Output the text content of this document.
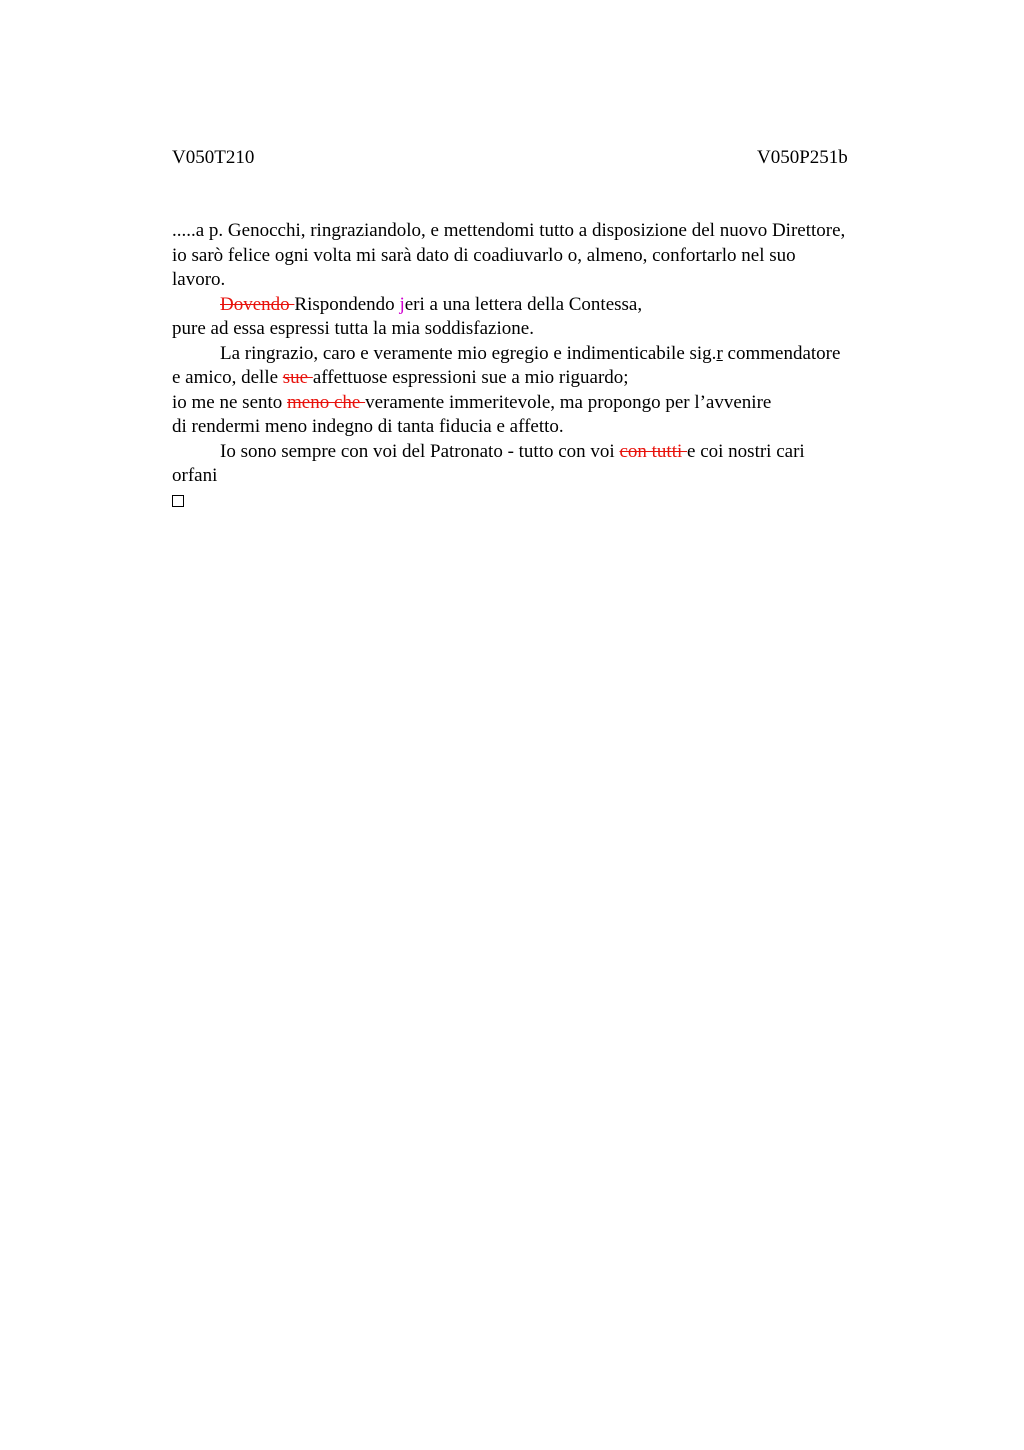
V050T210	V050P251b
.....a p. Genocchi, ringraziandolo, e mettendomi tutto a disposizione del nuovo Direttore,
io sarò felice ogni volta mi sarà dato di coadiuvarlo o, almeno, confortarlo nel suo
lavoro.
Dovendo Rispondendo jeri a una lettera della Contessa,
pure ad essa espressi tutta la mia soddisfazione.
La ringrazio, caro e veramente mio egregio e indimenticabile sig.r commendatore
e amico, delle sue affettuose espressioni sue a mio riguardo;
io me ne sento meno che veramente immeritevole, ma propongo per l’avvenire
di rendermi meno indegno di tanta fiducia e affetto.
Io sono sempre con voi del Patronato - tutto con voi con tutti e coi nostri cari
orfani
